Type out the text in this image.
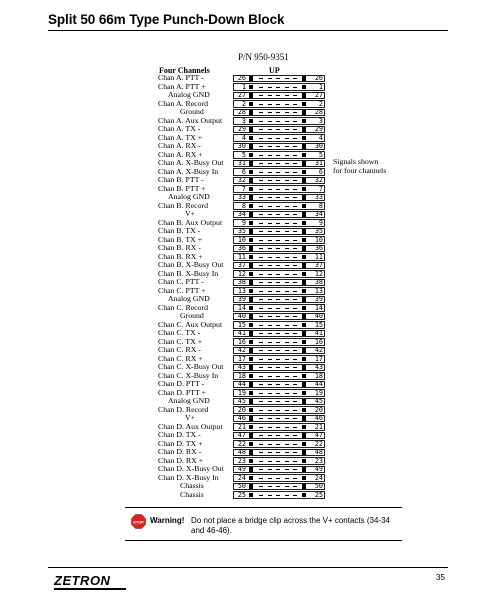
Split 50 66m Type Punch-Down Block
P/N 950-9351
Four Channels	UP
Chan A. PTT -	26	26
Chan A. PTT +	1	1
Analog GND	27	27
Chan A. Record	2	2
Ground	28	28
Chan A. Aux Output	3	3
Chan A. TX -	29	29
Chan A. TX +	4	4
Chan A. RX -	30	30
Chan A. RX +	5	5
Chan A. X-Busy Out	31	31
Chan A. X-Busy In	6	6
Chan B. PTT -	32	32
Chan B. PTT +	7	7
Analog GND	33	33
Chan B. Record	8	8
V+	34	34
Chan B. Aux Output	9	9
Chan B. TX -	35	35
Chan B. TX +	10	10
Chan B. RX -	36	36
Chan B. RX +	11	11
Chan B. X-Busy Out	37	37
Chan B. X-Busy In	12	12
Chan C. PTT -	38	38
Chan C. PTT +	13	13
Analog GND	39	39
Chan C. Record	14	14
Ground	40	40
Chan C. Aux Output	15	15
Chan C. TX -	41	41
Chan C. TX +	16	16
Chan C. RX -	42	42
Chan C. RX +	17	17
Chan C. X-Busy Out	43	43
Chan C. X-Busy In	18	18
Chan D. PTT -	44	44
Chan D. PTT +	19	19
Analog GND	45	45
Chan D. Record	20	20
V+	46	46
Chan D. Aux Output	21	21
Chan D. TX -	47	47
Chan D. TX +	22	22
Chan D. RX -	48	48
Chan D. RX +	23	23
Chan D. X-Busy Out	49	49
Chan D. X-Busy In	24	24
Chassis	50	50
Chassis	25	25
Signals shown
for four channels
STOP Warning! Do not place a bridge clip across the V+ contacts (34-34 and 46-46).
ZETRON	35
